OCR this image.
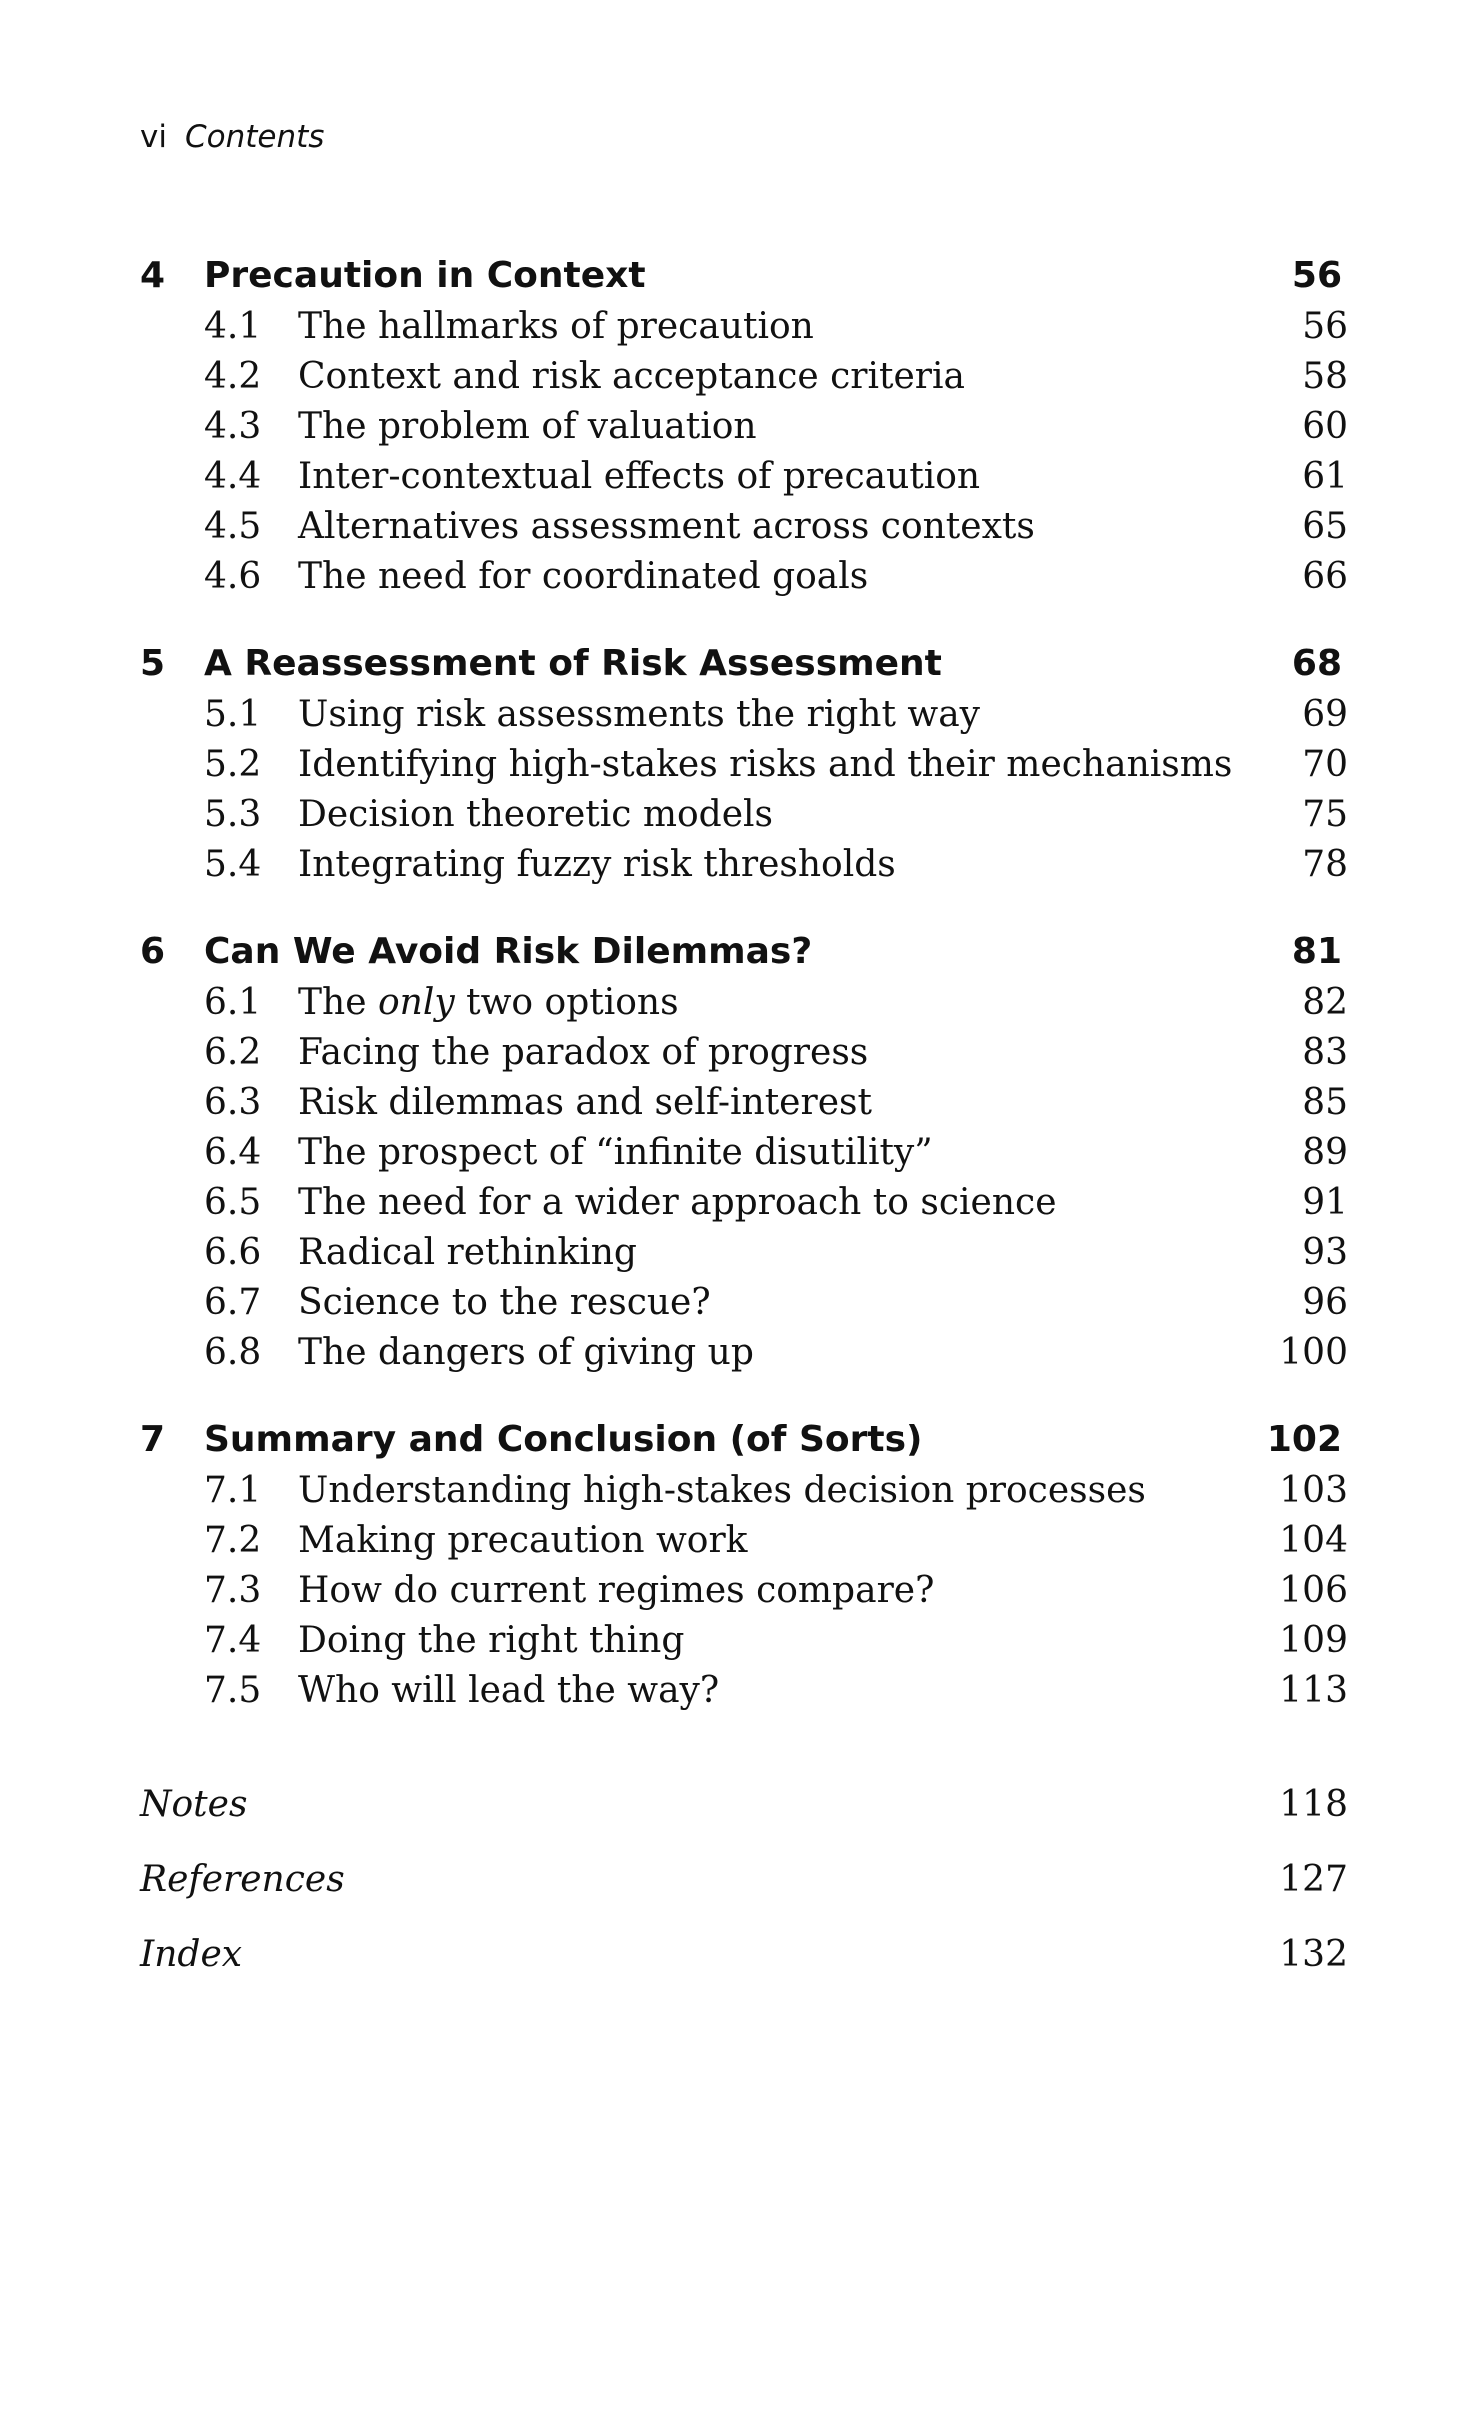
vi Contents
4	Precaution in Context	56
4.1	The hallmarks of precaution	56
4.2	Context and risk acceptance criteria	58
4.3	The problem of valuation	60
4.4	Inter-contextual effects of precaution	61
4.5	Alternatives assessment across contexts	65
4.6	The need for coordinated goals	66
5	A Reassessment of Risk Assessment	68
5.1	Using risk assessments the right way	69
5.2	Identifying high-stakes risks and their mechanisms	70
5.3	Decision theoretic models	75
5.4	Integrating fuzzy risk thresholds	78
6	Can We Avoid Risk Dilemmas?	81
6.1	The only two options	82
6.2	Facing the paradox of progress	83
6.3	Risk dilemmas and self-interest	85
6.4	The prospect of “infinite disutility”	89
6.5	The need for a wider approach to science	91
6.6	Radical rethinking	93
6.7	Science to the rescue?	96
6.8	The dangers of giving up	100
7	Summary and Conclusion (of Sorts)	102
7.1	Understanding high-stakes decision processes	103
7.2	Making precaution work	104
7.3	How do current regimes compare?	106
7.4	Doing the right thing	109
7.5	Who will lead the way?	113
Notes	118
References	127
Index	132
